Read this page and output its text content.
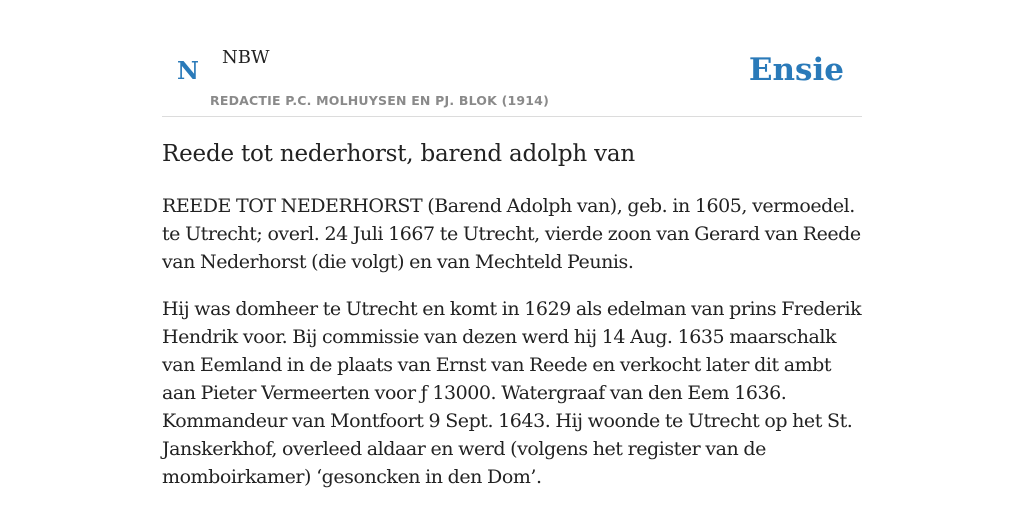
N NBW
REDACTIE P.C. MOLHUYSEN EN PJ. BLOK (1914)
Ensie
Reede tot nederhorst, barend adolph van

REEDE TOT NEDERHORST (Barend Adolph van), geb. in 1605, vermoedel. te Utrecht; overl. 24 Juli 1667 te Utrecht, vierde zoon van Gerard van Reede van Nederhorst (die volgt) en van Mechteld Peunis.

Hij was domheer te Utrecht en komt in 1629 als edelman van prins Frederik Hendrik voor. Bij commissie van dezen werd hij 14 Aug. 1635 maarschalk van Eemland in de plaats van Ernst van Reede en verkocht later dit ambt aan Pieter Vermeerten voor ƒ 13000. Watergraaf van den Eem 1636. Kommandeur van Montfoort 9 Sept. 1643. Hij woonde te Utrecht op het St. Janskerkhof, overleed aldaar en werd (volgens het register van de momboirkamer) ‘gesoncken in den Dom’.
